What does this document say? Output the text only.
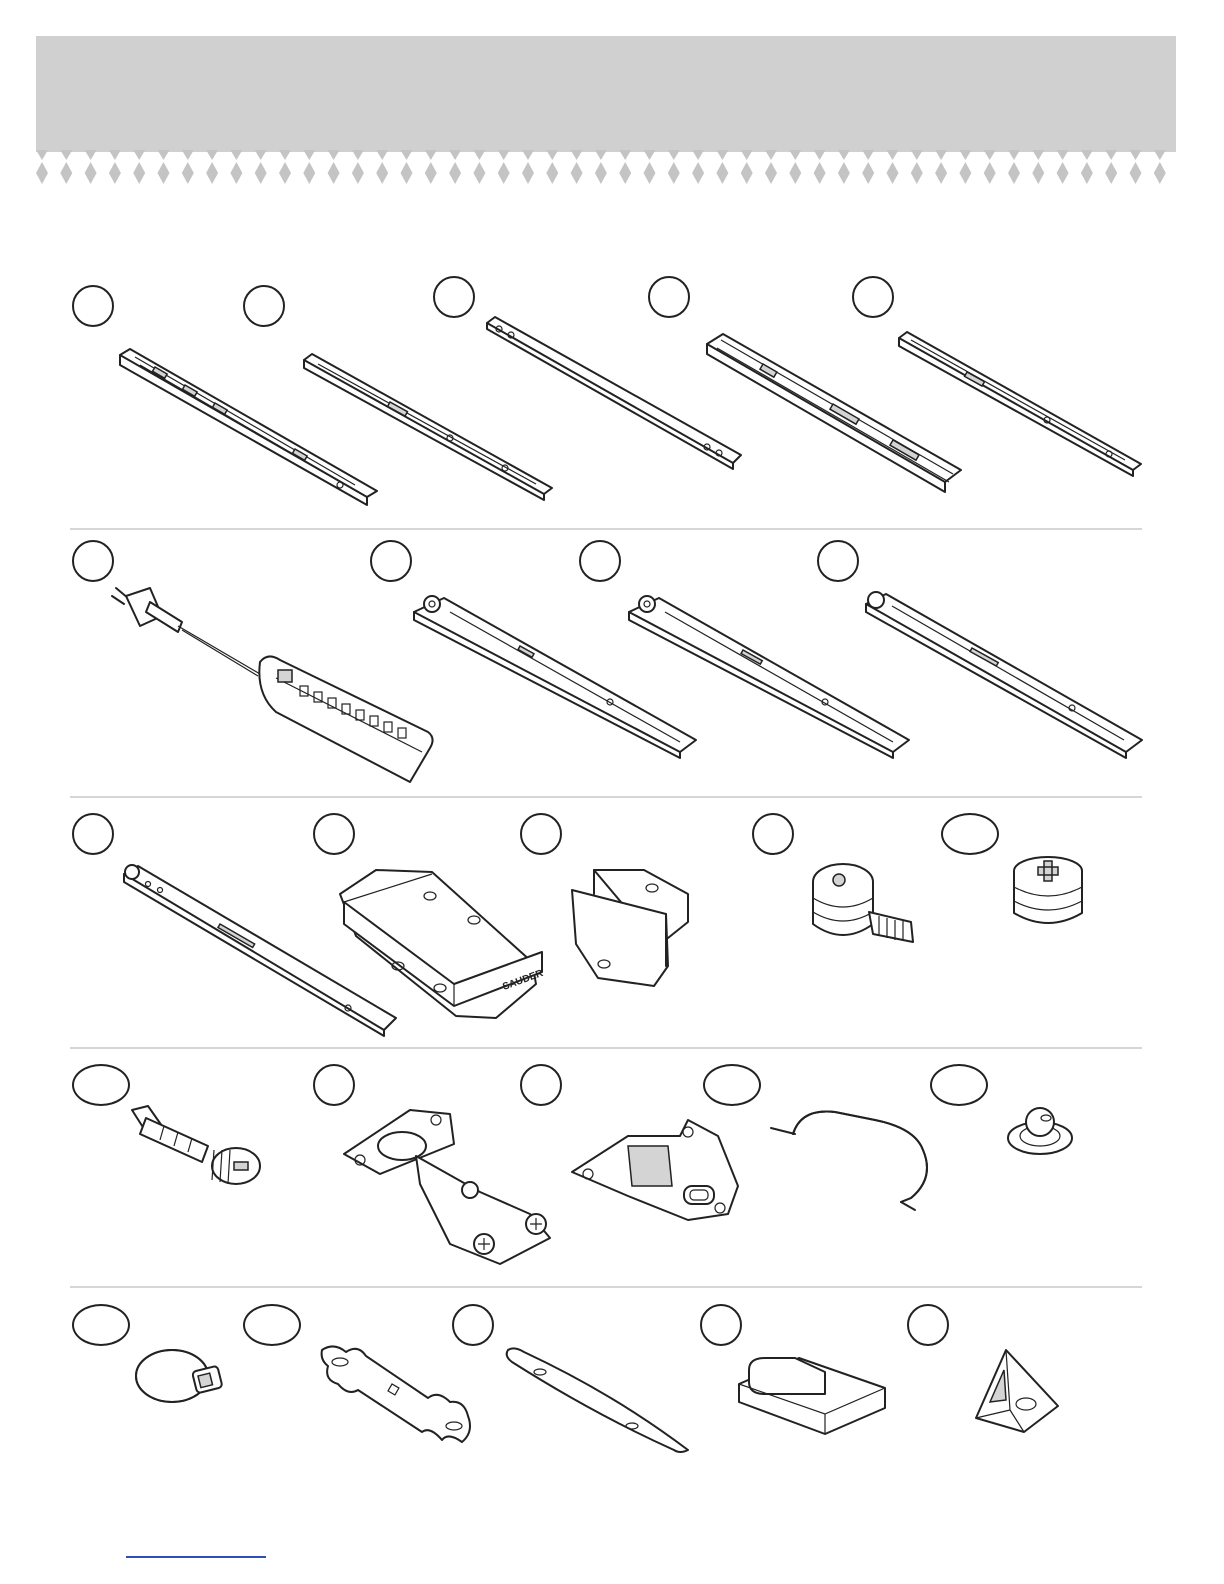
SAUDER
